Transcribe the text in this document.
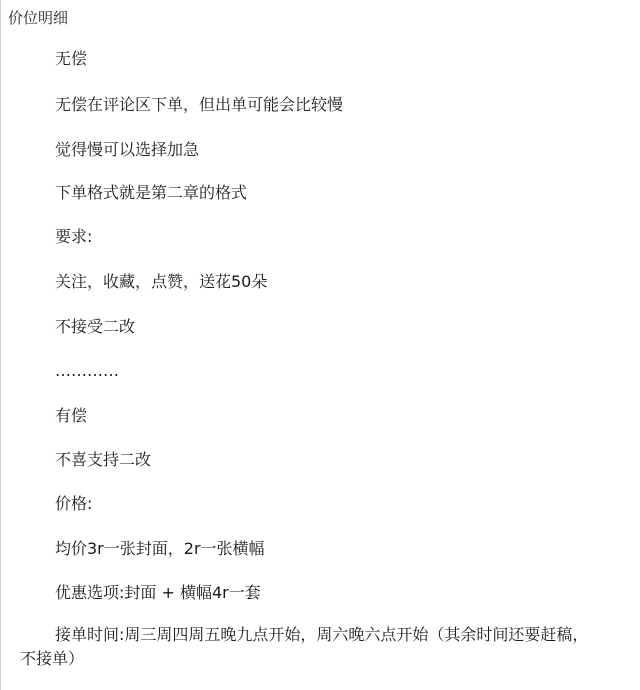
价位明细
无偿
无偿在评论区下单，但出单可能会比较慢
觉得慢可以选择加急
下单格式就是第二章的格式
要求:
关注，收藏，点赞，送花50朵
不接受二改
…………
有偿
不喜支持二改
价格:
均价3r一张封面，2r一张横幅
优惠选项:封面 + 横幅4r一套
接单时间:周三周四周五晚九点开始，周六晚六点开始（其余时间还要赶稿，不接单）
